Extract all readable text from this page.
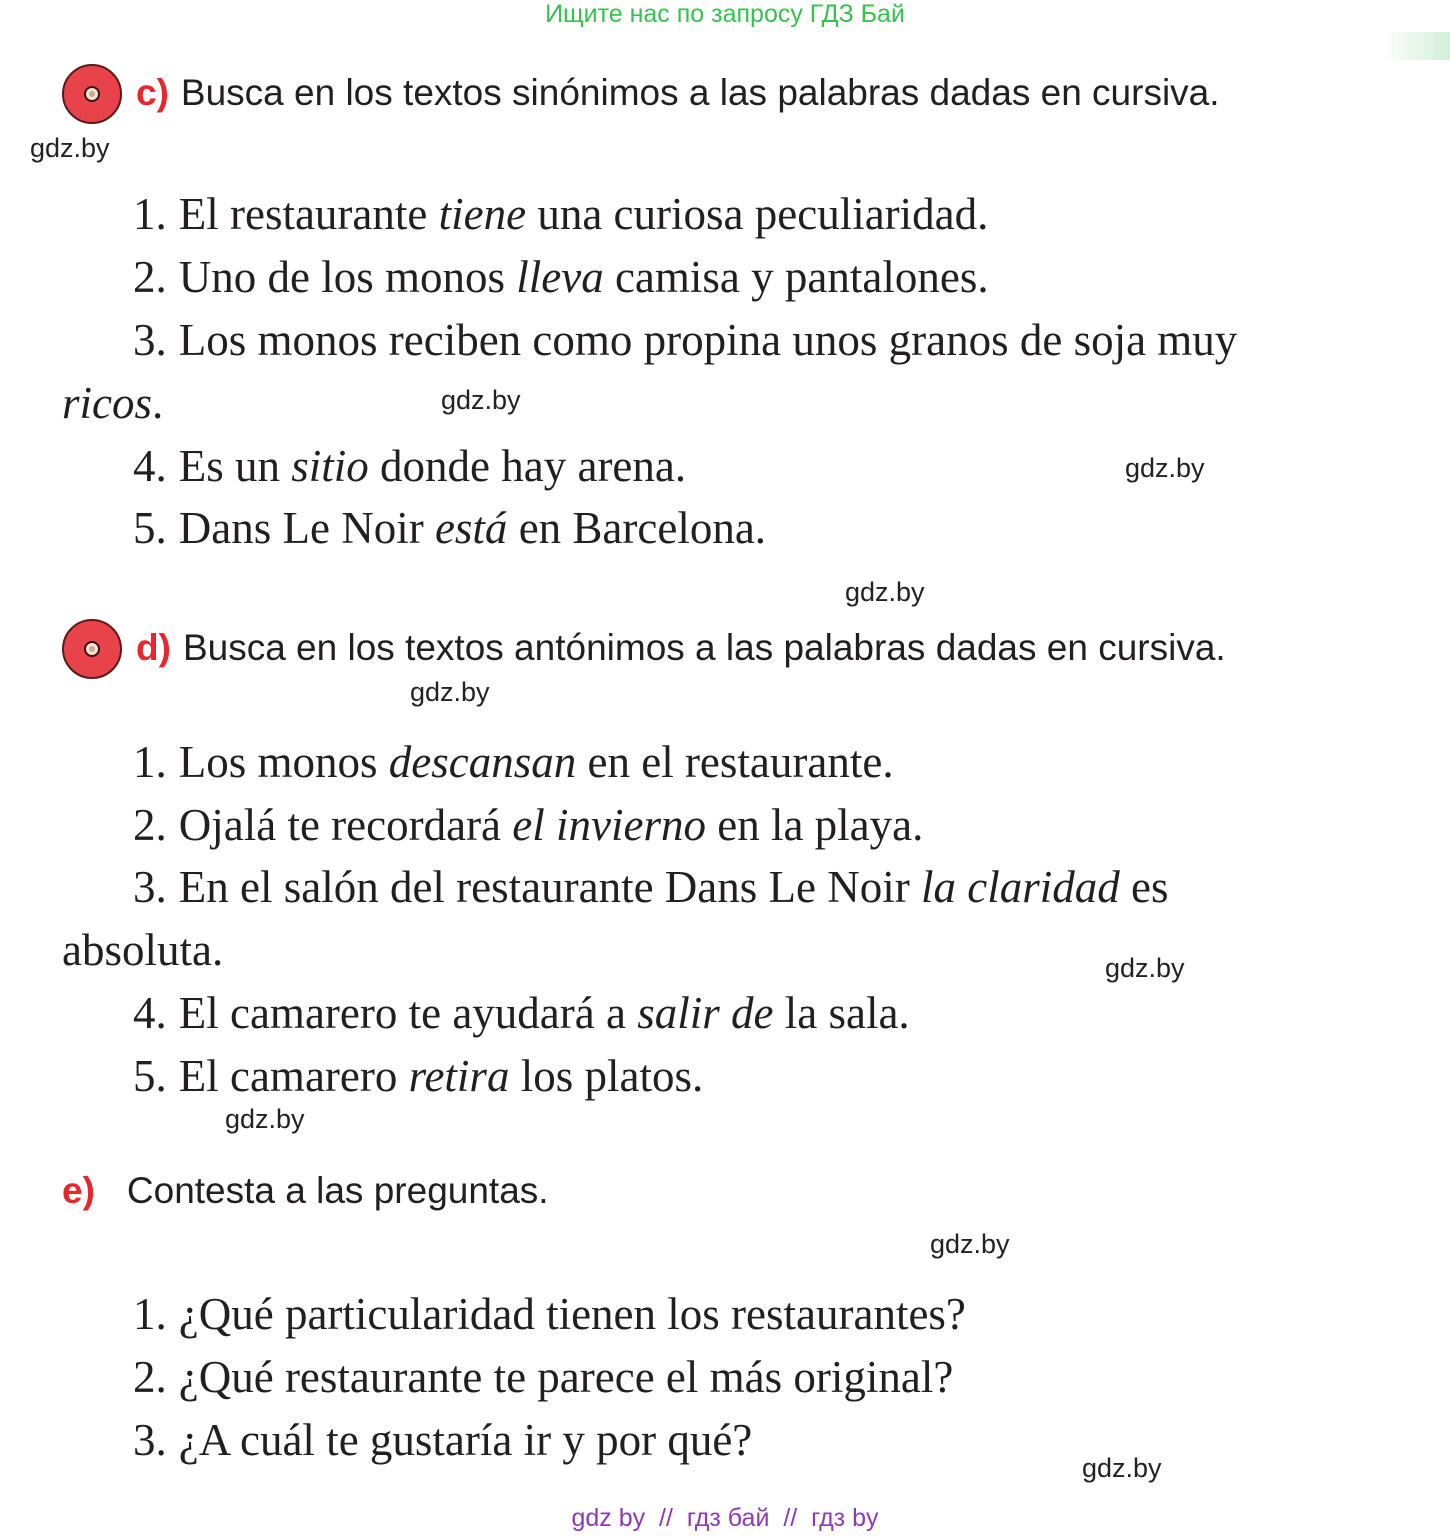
Ищите нас по запросу ГДЗ Бай
c) Busca en los textos sinónimos a las palabras dadas en cursiva.
gdz.by
1. El restaurante tiene una curiosa peculiaridad.
2. Uno de los monos lleva camisa y pantalones.
3. Los monos reciben como propina unos granos de soja muy
ricos.	gdz.by
4. Es un sitio donde hay arena.	gdz.by
5. Dans Le Noir está en Barcelona.
gdz.by
d) Busca en los textos antónimos a las palabras dadas en cursiva.
gdz.by
1. Los monos descansan en el restaurante.
2. Ojalá te recordará el invierno en la playa.
3. En el salón del restaurante Dans Le Noir la claridad es
absoluta.	gdz.by
4. El camarero te ayudará a salir de la sala.
5. El camarero retira los platos.
gdz.by
e) Contesta a las preguntas.
gdz.by
1. ¿Qué particularidad tienen los restaurantes?
2. ¿Qué restaurante te parece el más original?
3. ¿A cuál te gustaría ir y por qué?
gdz.by
gdz by  //  гдз бай  //  гдз by
